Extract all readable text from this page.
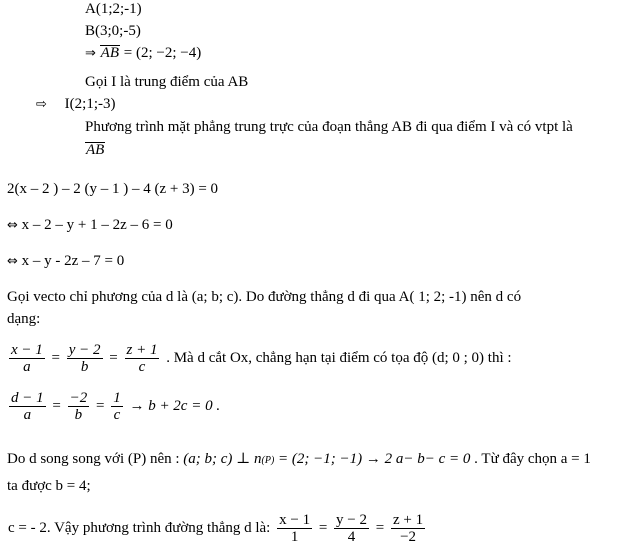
A(1;2;-1)
B(3;0;-5)
⇒ AB = (2; −2; −4)
Gọi I là trung điểm của AB
⇨ I(2;1;-3)
Phương trình mặt phẳng trung trực của đoạn thẳng AB đi qua điểm I và có vtpt là
AB
2(x – 2 ) – 2 (y – 1 ) – 4 (z + 3) = 0
⇔ x – 2 – y + 1 – 2z – 6 = 0
⇔ x – y - 2z – 7 = 0
Gọi vecto chỉ phương của d là (a; b; c). Do đường thẳng d đi qua A( 1; 2; -1) nên d có
dạng:
$\frac{x - 1}{a} = \frac{y - 2}{b} = \frac{z + 1}{c}$ . Mà d cắt Ox, chẳng hạn tại điểm có tọa độ (d; 0 ; 0) thì :
$\frac{d - 1}{a} = \frac{-2}{b} = \frac{1}{c} \to b + 2c = 0$ .
Do d song song với (P) nên : (a; b; c) ⊥ n(P) = (2; −1; −1) → 2 a− b− c = 0 . Từ đây chọn a = 1
ta được b = 4;
c = - 2. Vậy phương trình đường thẳng d là: $\frac{x - 1}{1} = \frac{y - 2}{4} = \frac{z + 1}{-2}$
